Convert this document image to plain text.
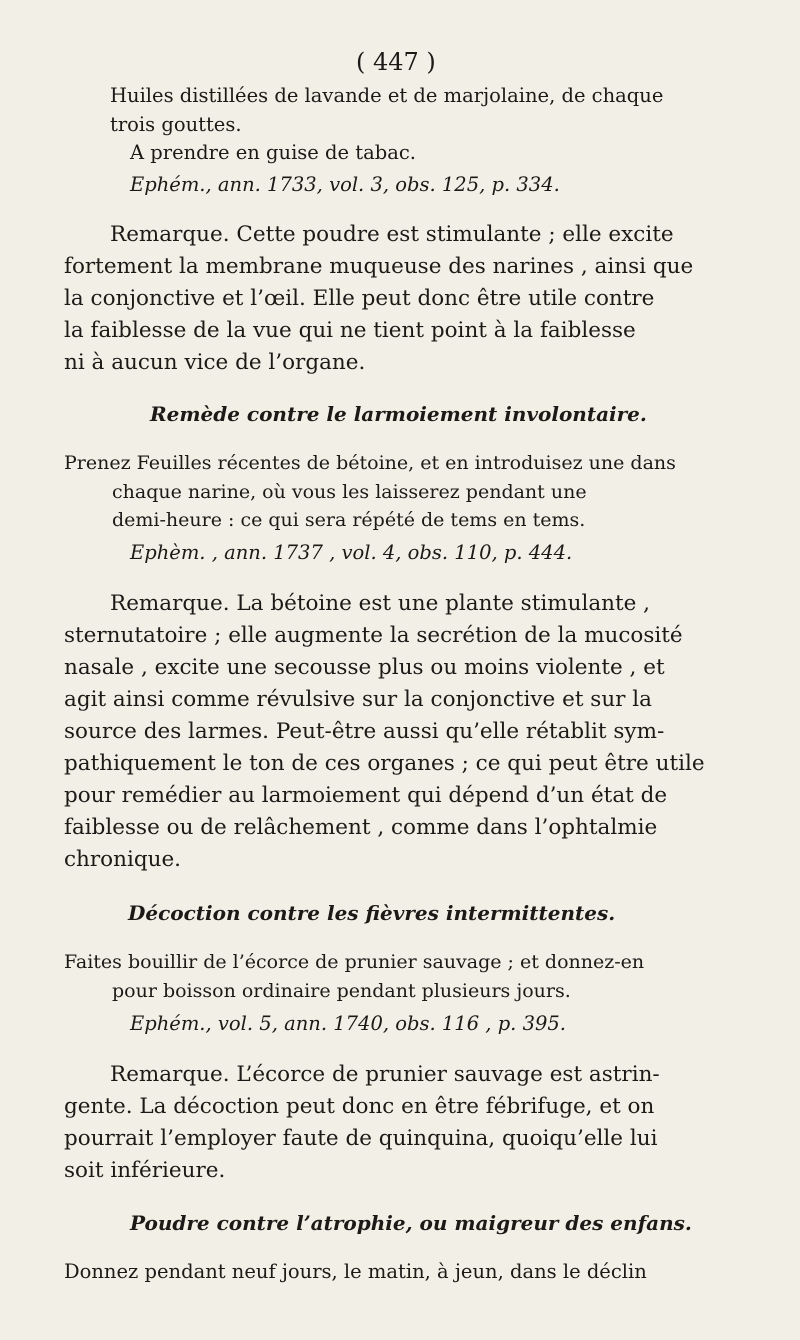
( 447 )
Huiles distillées de lavande et de marjolaine, de chaque
trois gouttes.
A prendre en guise de tabac.
Ephém., ann. 1733, vol. 3, obs. 125, p. 334.
Remarque. Cette poudre est stimulante ; elle excite
fortement la membrane muqueuse des narines , ainsi que
la conjonctive et l’œil. Elle peut donc être utile contre
la faiblesse de la vue qui ne tient point à la faiblesse
ni à aucun vice de l’organe.
Remède contre le larmoiement involontaire.
Prenez Feuilles récentes de bétoine, et en introduisez une dans
chaque narine, où vous les laisserez pendant une
demi-heure : ce qui sera répété de tems en tems.
Ephèm. , ann. 1737 , vol. 4, obs. 110, p. 444.
Remarque. La bétoine est une plante stimulante ,
sternutatoire ; elle augmente la secrétion de la mucosité
nasale , excite une secousse plus ou moins violente , et
agit ainsi comme révulsive sur la conjonctive et sur la
source des larmes. Peut-être aussi qu’elle rétablit sym-
pathiquement le ton de ces organes ; ce qui peut être utile
pour remédier au larmoiement qui dépend d’un état de
faiblesse ou de relâchement , comme dans l’ophtalmie
chronique.
Décoction contre les fièvres intermittentes.
Faites bouillir de l’écorce de prunier sauvage ; et donnez-en
pour boisson ordinaire pendant plusieurs jours.
Ephém., vol. 5, ann. 1740, obs. 116 , p. 395.
Remarque. L’écorce de prunier sauvage est astrin-
gente. La décoction peut donc en être fébrifuge, et on
pourrait l’employer faute de quinquina, quoiqu’elle lui
soit inférieure.
Poudre contre l’atrophie, ou maigreur des enfans.
Donnez pendant neuf jours, le matin, à jeun, dans le déclin
